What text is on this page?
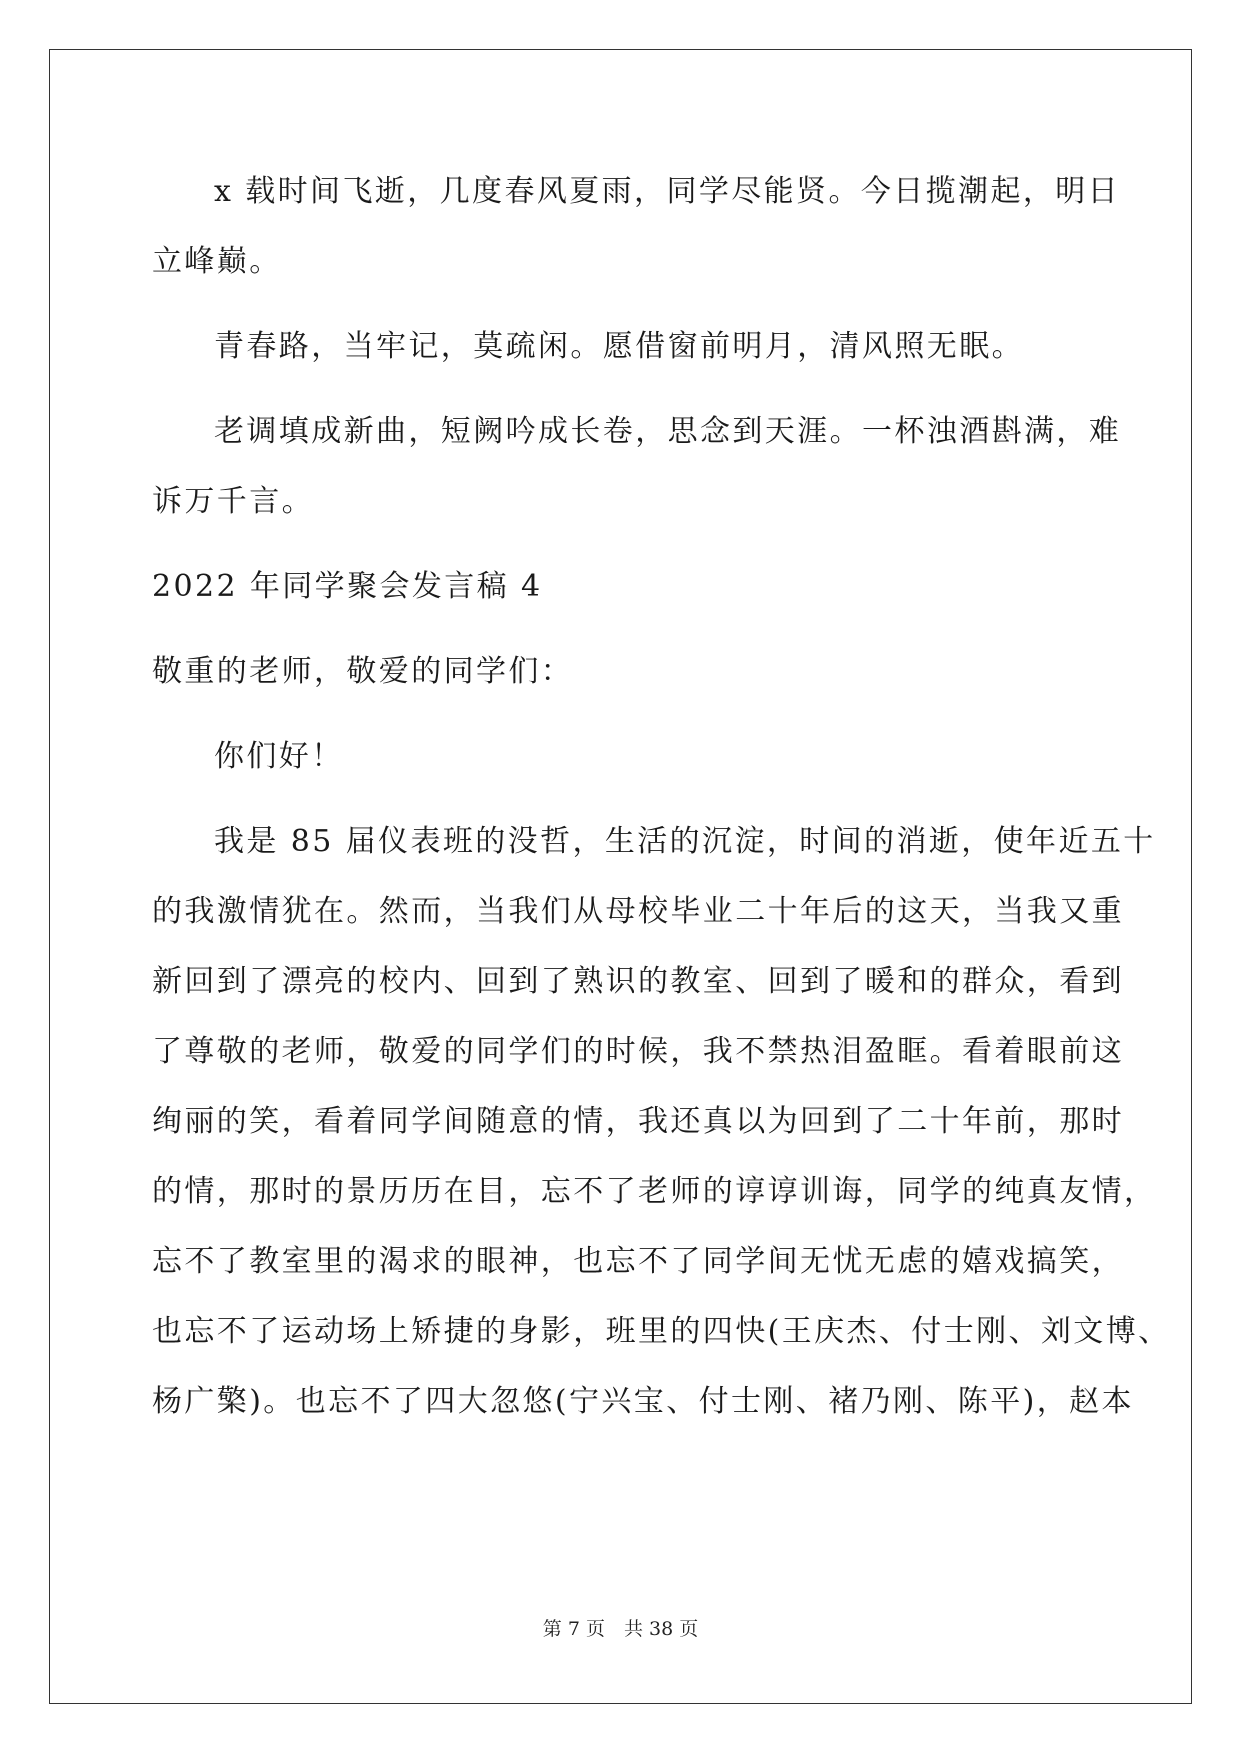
x 载时间飞逝，几度春风夏雨，同学尽能贤。今日揽潮起，明日
立峰巅。
青春路，当牢记，莫疏闲。愿借窗前明月，清风照无眠。
老调填成新曲，短阙吟成长卷，思念到天涯。一杯浊酒斟满，难
诉万千言。
2022 年同学聚会发言稿 4
敬重的老师，敬爱的同学们：
你们好！
我是 85 届仪表班的没哲，生活的沉淀，时间的消逝，使年近五十
的我激情犹在。然而，当我们从母校毕业二十年后的这天，当我又重
新回到了漂亮的校内、回到了熟识的教室、回到了暖和的群众，看到
了尊敬的老师，敬爱的同学们的时候，我不禁热泪盈眶。看着眼前这
绚丽的笑，看着同学间随意的情，我还真以为回到了二十年前，那时
的情，那时的景历历在目，忘不了老师的谆谆训诲，同学的纯真友情，
忘不了教室里的渴求的眼神，也忘不了同学间无忧无虑的嬉戏搞笑，
也忘不了运动场上矫捷的身影，班里的四快(王庆杰、付士刚、刘文博、
杨广檠)。也忘不了四大忽悠(宁兴宝、付士刚、褚乃刚、陈平)，赵本
第 7 页　共 38 页
